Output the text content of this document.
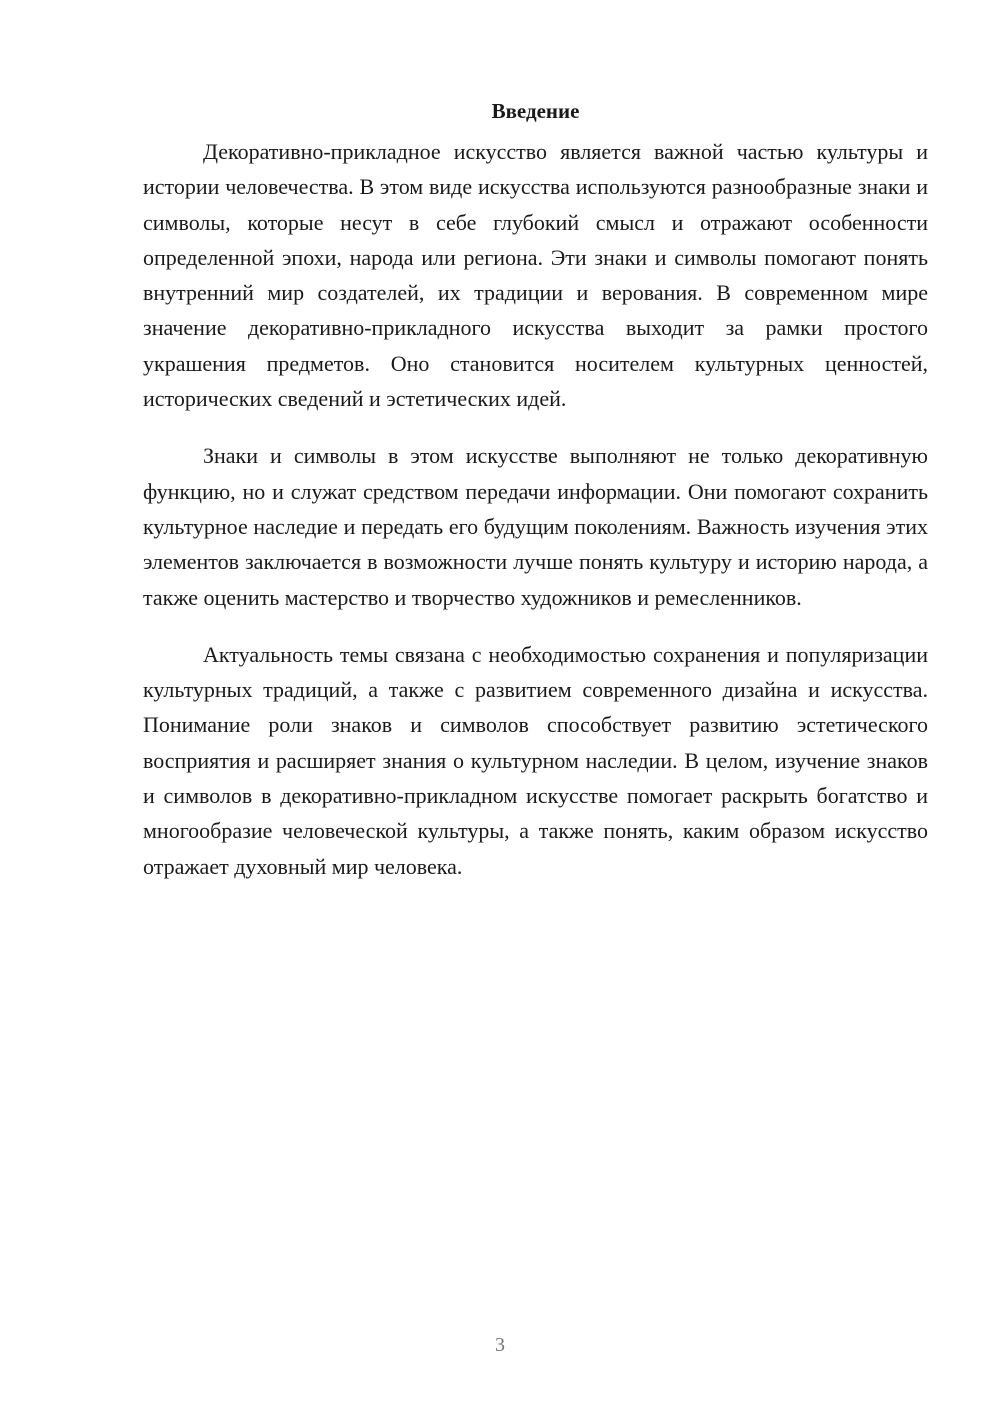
Введение

Декоративно-прикладное искусство является важной частью культуры и истории человечества. В этом виде искусства используются разнообразные знаки и символы, которые несут в себе глубокий смысл и отражают особенности определенной эпохи, народа или региона. Эти знаки и символы помогают понять внутренний мир создателей, их традиции и верования. В современном мире значение декоративно-прикладного искусства выходит за рамки простого украшения предметов. Оно становится носителем культурных ценностей, исторических сведений и эстетических идей.

Знаки и символы в этом искусстве выполняют не только декоративную функцию, но и служат средством передачи информации. Они помогают сохранить культурное наследие и передать его будущим поколениям. Важность изучения этих элементов заключается в возможности лучше понять культуру и историю народа, а также оценить мастерство и творчество художников и ремесленников.

Актуальность темы связана с необходимостью сохранения и популяризации культурных традиций, а также с развитием современного дизайна и искусства. Понимание роли знаков и символов способствует развитию эстетического восприятия и расширяет знания о культурном наследии. В целом, изучение знаков и символов в декоративно-прикладном искусстве помогает раскрыть богатство и многообразие человеческой культуры, а также понять, каким образом искусство отражает духовный мир человека.

3
